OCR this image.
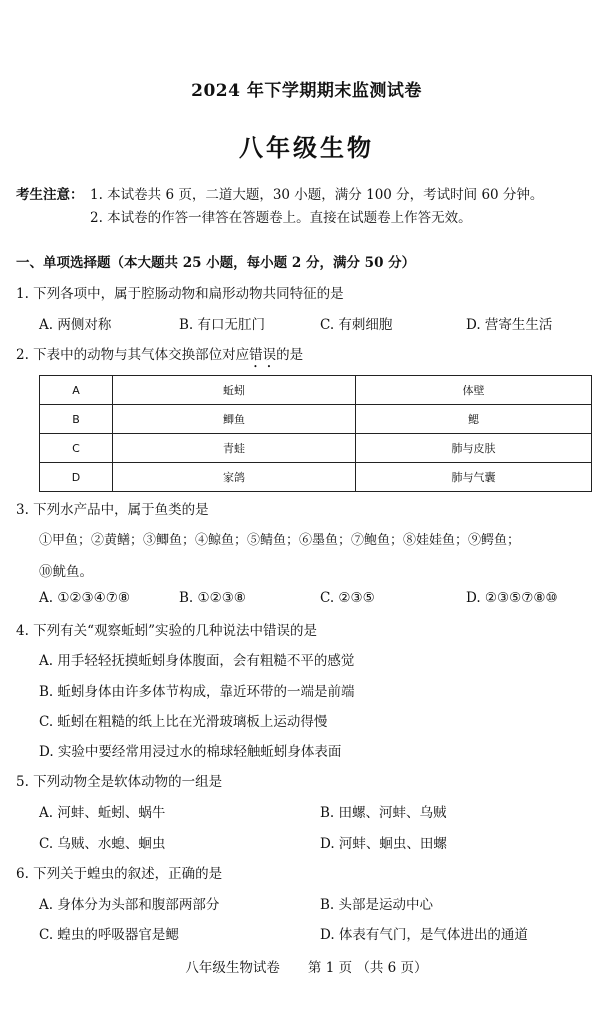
2024 年下学期期末监测试卷
八年级生物
考生注意： 1. 本试卷共 6 页，二道大题，30 小题，满分 100 分，考试时间 60 分钟。
2. 本试卷的作答一律答在答题卷上。直接在试题卷上作答无效。
一、单项选择题（本大题共 25 小题，每小题 2 分，满分 50 分）
1. 下列各项中，属于腔肠动物和扁形动物共同特征的是
A. 两侧对称	B. 有口无肛门	C. 有刺细胞	D. 营寄生生活
2. 下表中的动物与其气体交换部位对应错误的是
A	蚯蚓	体壁
B	鲫鱼	鳃
C	青蛙	肺与皮肤
D	家鸽	肺与气囊
3. 下列水产品中，属于鱼类的是
①甲鱼；②黄鳝；③鲫鱼；④鲸鱼；⑤鲭鱼；⑥墨鱼；⑦鲍鱼；⑧娃娃鱼；⑨鳄鱼；
⑩鱿鱼。
A. ①②③④⑦⑧	B. ①②③⑧	C. ②③⑤	D. ②③⑤⑦⑧⑩
4. 下列有关“观察蚯蚓”实验的几种说法中错误的是
A. 用手轻轻抚摸蚯蚓身体腹面，会有粗糙不平的感觉
B. 蚯蚓身体由许多体节构成，靠近环带的一端是前端
C. 蚯蚓在粗糙的纸上比在光滑玻璃板上运动得慢
D. 实验中要经常用浸过水的棉球轻触蚯蚓身体表面
5. 下列动物全是软体动物的一组是
A. 河蚌、蚯蚓、蜗牛	B. 田螺、河蚌、乌贼
C. 乌贼、水螅、蛔虫	D. 河蚌、蛔虫、田螺
6. 下列关于蝗虫的叙述，正确的是
A. 身体分为头部和腹部两部分	B. 头部是运动中心
C. 蝗虫的呼吸器官是鳃	D. 体表有气门，是气体进出的通道
八年级生物试卷 第 1 页 （共 6 页）
